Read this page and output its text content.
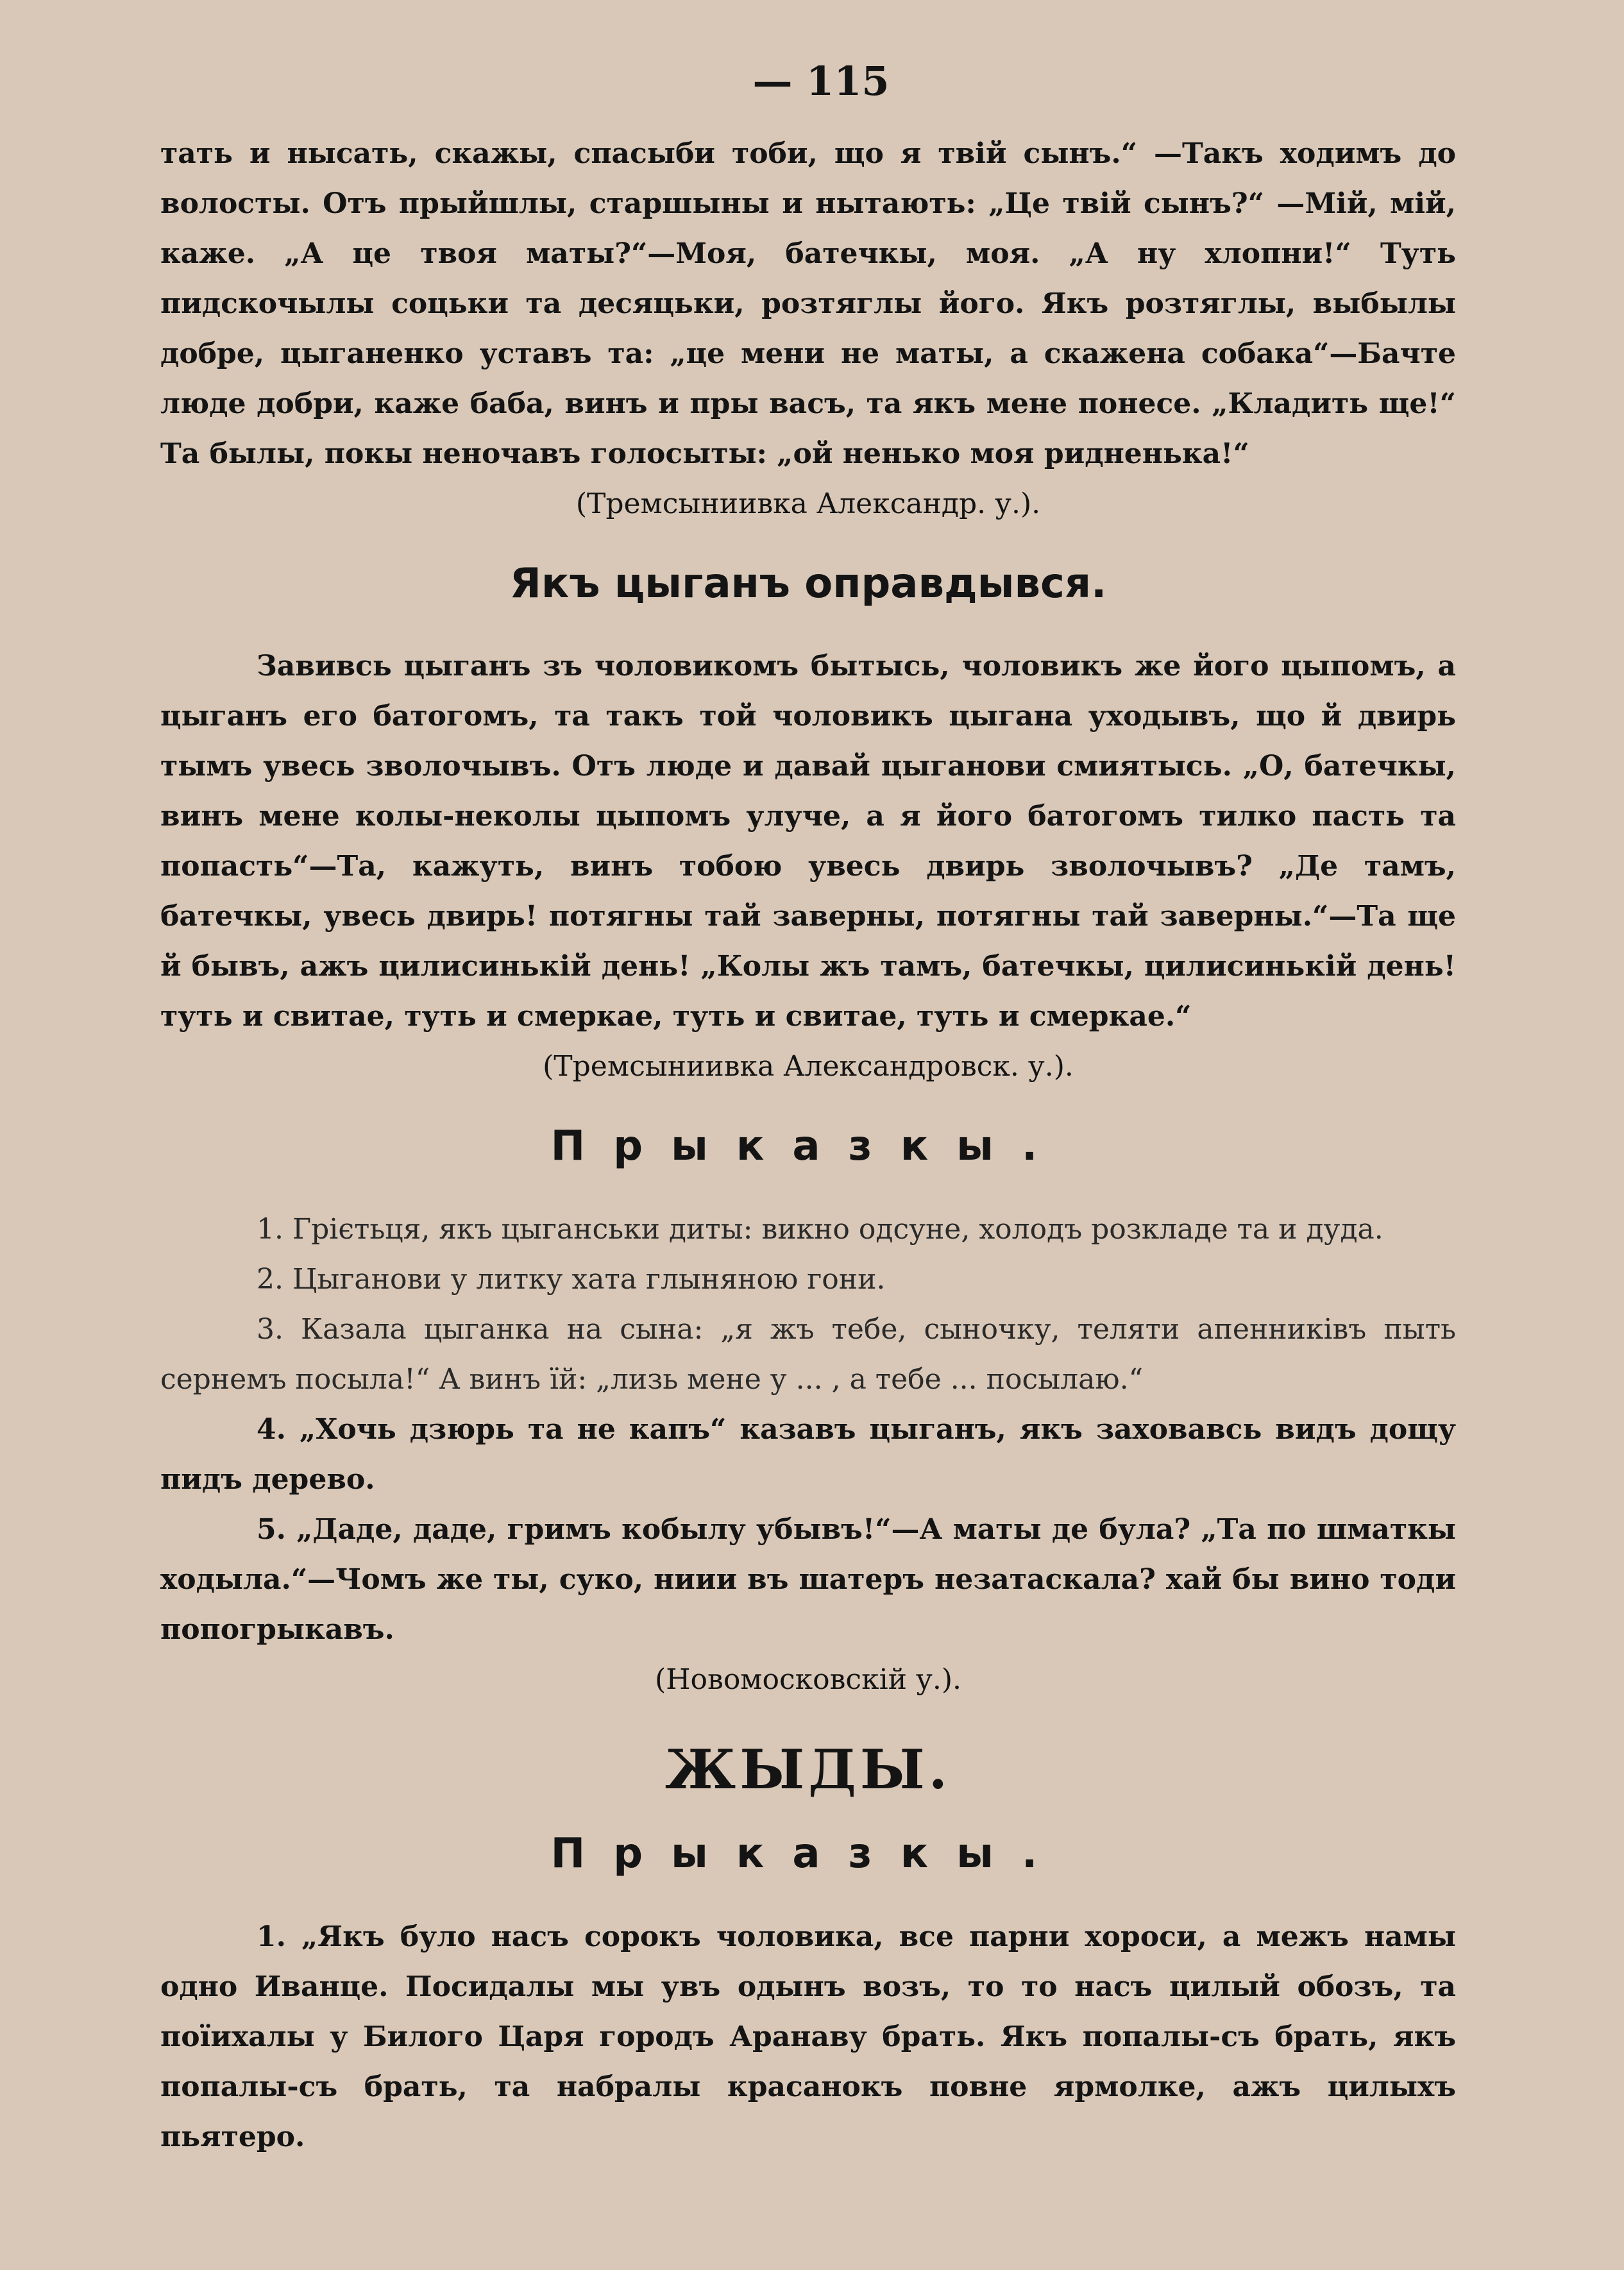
— 115

тать и нысать, скажы, спасыби тоби, що я твій сынъ.“ —Такъ ходимъ до волосты. Отъ прыйшлы, старшыны и нытають: „Це твій сынъ?“ —Мій, мій, каже. „А це твоя маты?“—Моя, батечкы, моя. „А ну хлопни!“ Туть пидскочылы соцьки та десяцьки, розтяглы його. Якъ розтяглы, выбылы добре, цыганенко уставъ та: „це мени не маты, а скажена собака“—Бачте люде добри, каже баба, винъ и пры васъ, та якъ мене понесе. „Кладить ще!“ Та былы, покы неночавъ голосыты: „ой ненько моя ридненька!“

(Тремсыниивка Александр. у.).

Якъ цыганъ оправдывся.

Завивсь цыганъ зъ чоловикомъ бытысь, чоловикъ же його цыпомъ, а цыганъ его батогомъ, та такъ той чоловикъ цыгана уходывъ, що й двирь тымъ увесь зволочывъ. Отъ люде и давай цыганови смиятысь. „О, батечкы, винъ мене колы-неколы цыпомъ улуче, а я його батогомъ тилко пасть та попасть“—Та, кажуть, винъ тобою увесь двирь зволочывъ? „Де тамъ, батечкы, увесь двирь! потягны тай заверны, потягны тай заверны.“—Та ще й бывъ, ажъ цилисинькій день! „Колы жъ тамъ, батечкы, цилисинькій день! туть и свитае, туть и смеркае, туть и свитае, туть и смеркае.“

(Тремсыниивка Александровск. у.).

Прыказкы.

1. Грієтьця, якъ цыганськи диты: викно одсуне, холодъ розкладе та и дуда.

2. Цыганови у литку хата глыняною гони.

3. Казала цыганка на сына: „я жъ тебе, сыночку, теляти апенниківъ пыть сернемъ посыла!“ А винъ їй: „лизь мене у ... , а тебе ... посылаю.“

4. „Хочь дзюрь та не капъ“ казавъ цыганъ, якъ заховавсь видъ дощу пидъ дерево.

5. „Даде, даде, гримъ кобылу убывъ!“—А маты де була? „Та по шматкы ходыла.“—Чомъ же ты, суко, ниии въ шатеръ незатаскала? хай бы вино тоди попогрыкавъ.

(Новомосковскій у.).

ЖЫДЫ.
Прыказкы.

1. „Якъ було насъ сорокъ чоловика, все парни хороси, а межъ намы одно Иванце. Посидалы мы увъ одынъ возъ, то то насъ цилый обозъ, та поїихалы у Билого Царя городъ Аранаву брать. Якъ попалы-съ брать, якъ попалы-съ брать, та набралы красанокъ повне ярмолке, ажъ цилыхъ пьятеро.
